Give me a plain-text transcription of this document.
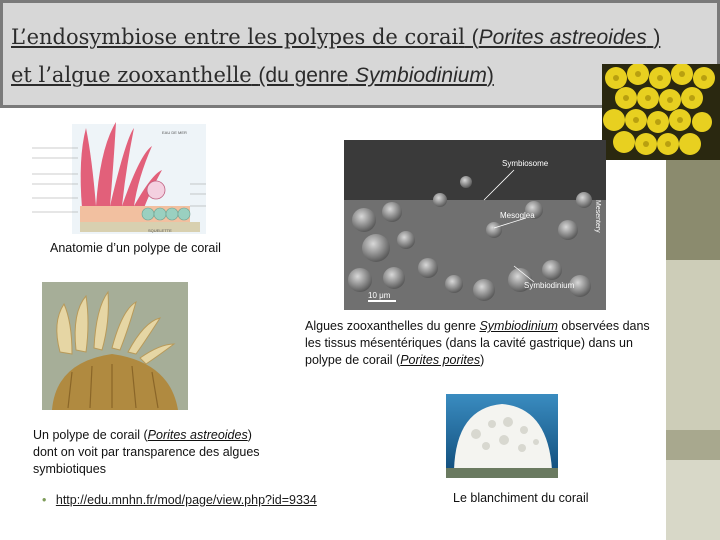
L’endosymbiose entre les polypes de corail (Porites astreoides )
et l’algue zooxanthelle (du genre Symbiodinium)
EAU DE MER
SQUELETTE
Anatomie d’un polype de corail
Symbiosome
Mesoglea
Symbiodinium
Mesentery
10 μm
Algues zooxanthelles du genre Symbiodinium observées dans les tissus mésentériques (dans la cavité gastrique) dans un polype de corail (Porites porites)
Un polype de corail (Porites astreoides) dont on voit par transparence des algues symbiotiques
• http://edu.mnhn.fr/mod/page/view.php?id=9334	Le blanchiment du corail
